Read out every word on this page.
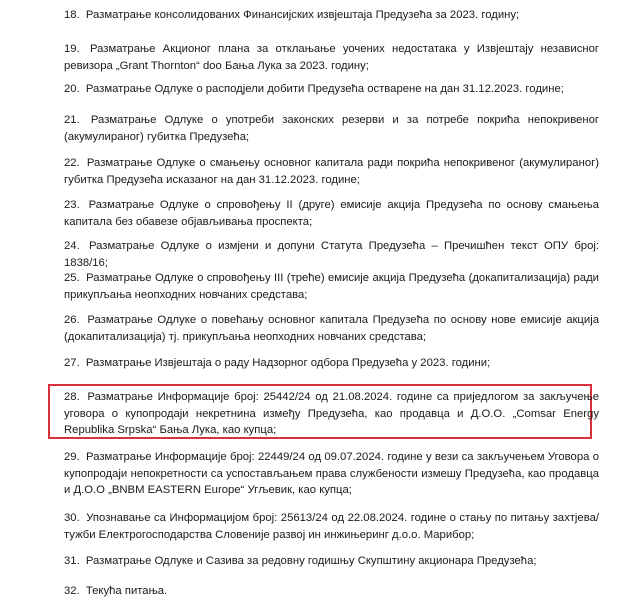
18. Разматрање консолидованих Финансијских извјештаја Предузећа за 2023. годину;
19. Разматрање Акционог плана за отклањање уочених недостатака у Извјештају независног ревизора „Grant Thornton“ doo Бања Лука за 2023. годину;
20. Разматрање Одлуке о расподјели добити Предузећа остварене на дан 31.12.2023. године;
21. Разматрање Одлуке о употреби законских резерви и за потребе покрића непокривеног (акумулираног) губитка Предузећа;
22. Разматрање Одлуке о смањењу основног капитала ради покрића непокривеног (акумулираног) губитка Предузећа исказаног на дан 31.12.2023. године;
23. Разматрање Одлуке о спровођењу II (друге) емисије акција Предузећа по основу смањења капитала без обавезе објављивања проспекта;
24. Разматрање Одлуке о измјени и допуни Статута Предузећа – Пречишћен текст ОПУ број: 1838/16;
25. Разматрање Одлуке о спровођењу III (треће) емисије акција Предузећа (докапитализација) ради прикупљања неопходних новчаних средстава;
26. Разматрање Одлуке о повећању основног капитала Предузећа по основу нове емисије акција (докапитализација) тј. прикупљања неопходних новчаних средстава;
27. Разматрање Извјештаја о раду Надзорног одбора Предузећа у 2023. години;
28. Разматрање Информације број: 25442/24 од 21.08.2024. године са приједлогом за закључење уговора о купопродаји некретнина између Предузећа, као продавца и Д.О.О. „Comsar Energy Republika Srpska“ Бања Лука, као купца;
29. Разматрање Информације број: 22449/24 од 09.07.2024. године у вези са закључењем Уговора о купопродаји непокретности са успостављањем права службености измешу Предузећа, као продавца и Д.О.О „BNBM EASTERN Europe“ Угљевик, као купца;
30. Упознавање са Информацијом број: 25613/24 од 22.08.2024. године о стању по питању захтјева/тужби Електрогосподарства Словеније развој ин инжињеринг д.о.о. Марибор;
31. Разматрање Одлуке и Сазива за редовну годишњу Скупштину акционара Предузећа;
32. Текућа питања.
